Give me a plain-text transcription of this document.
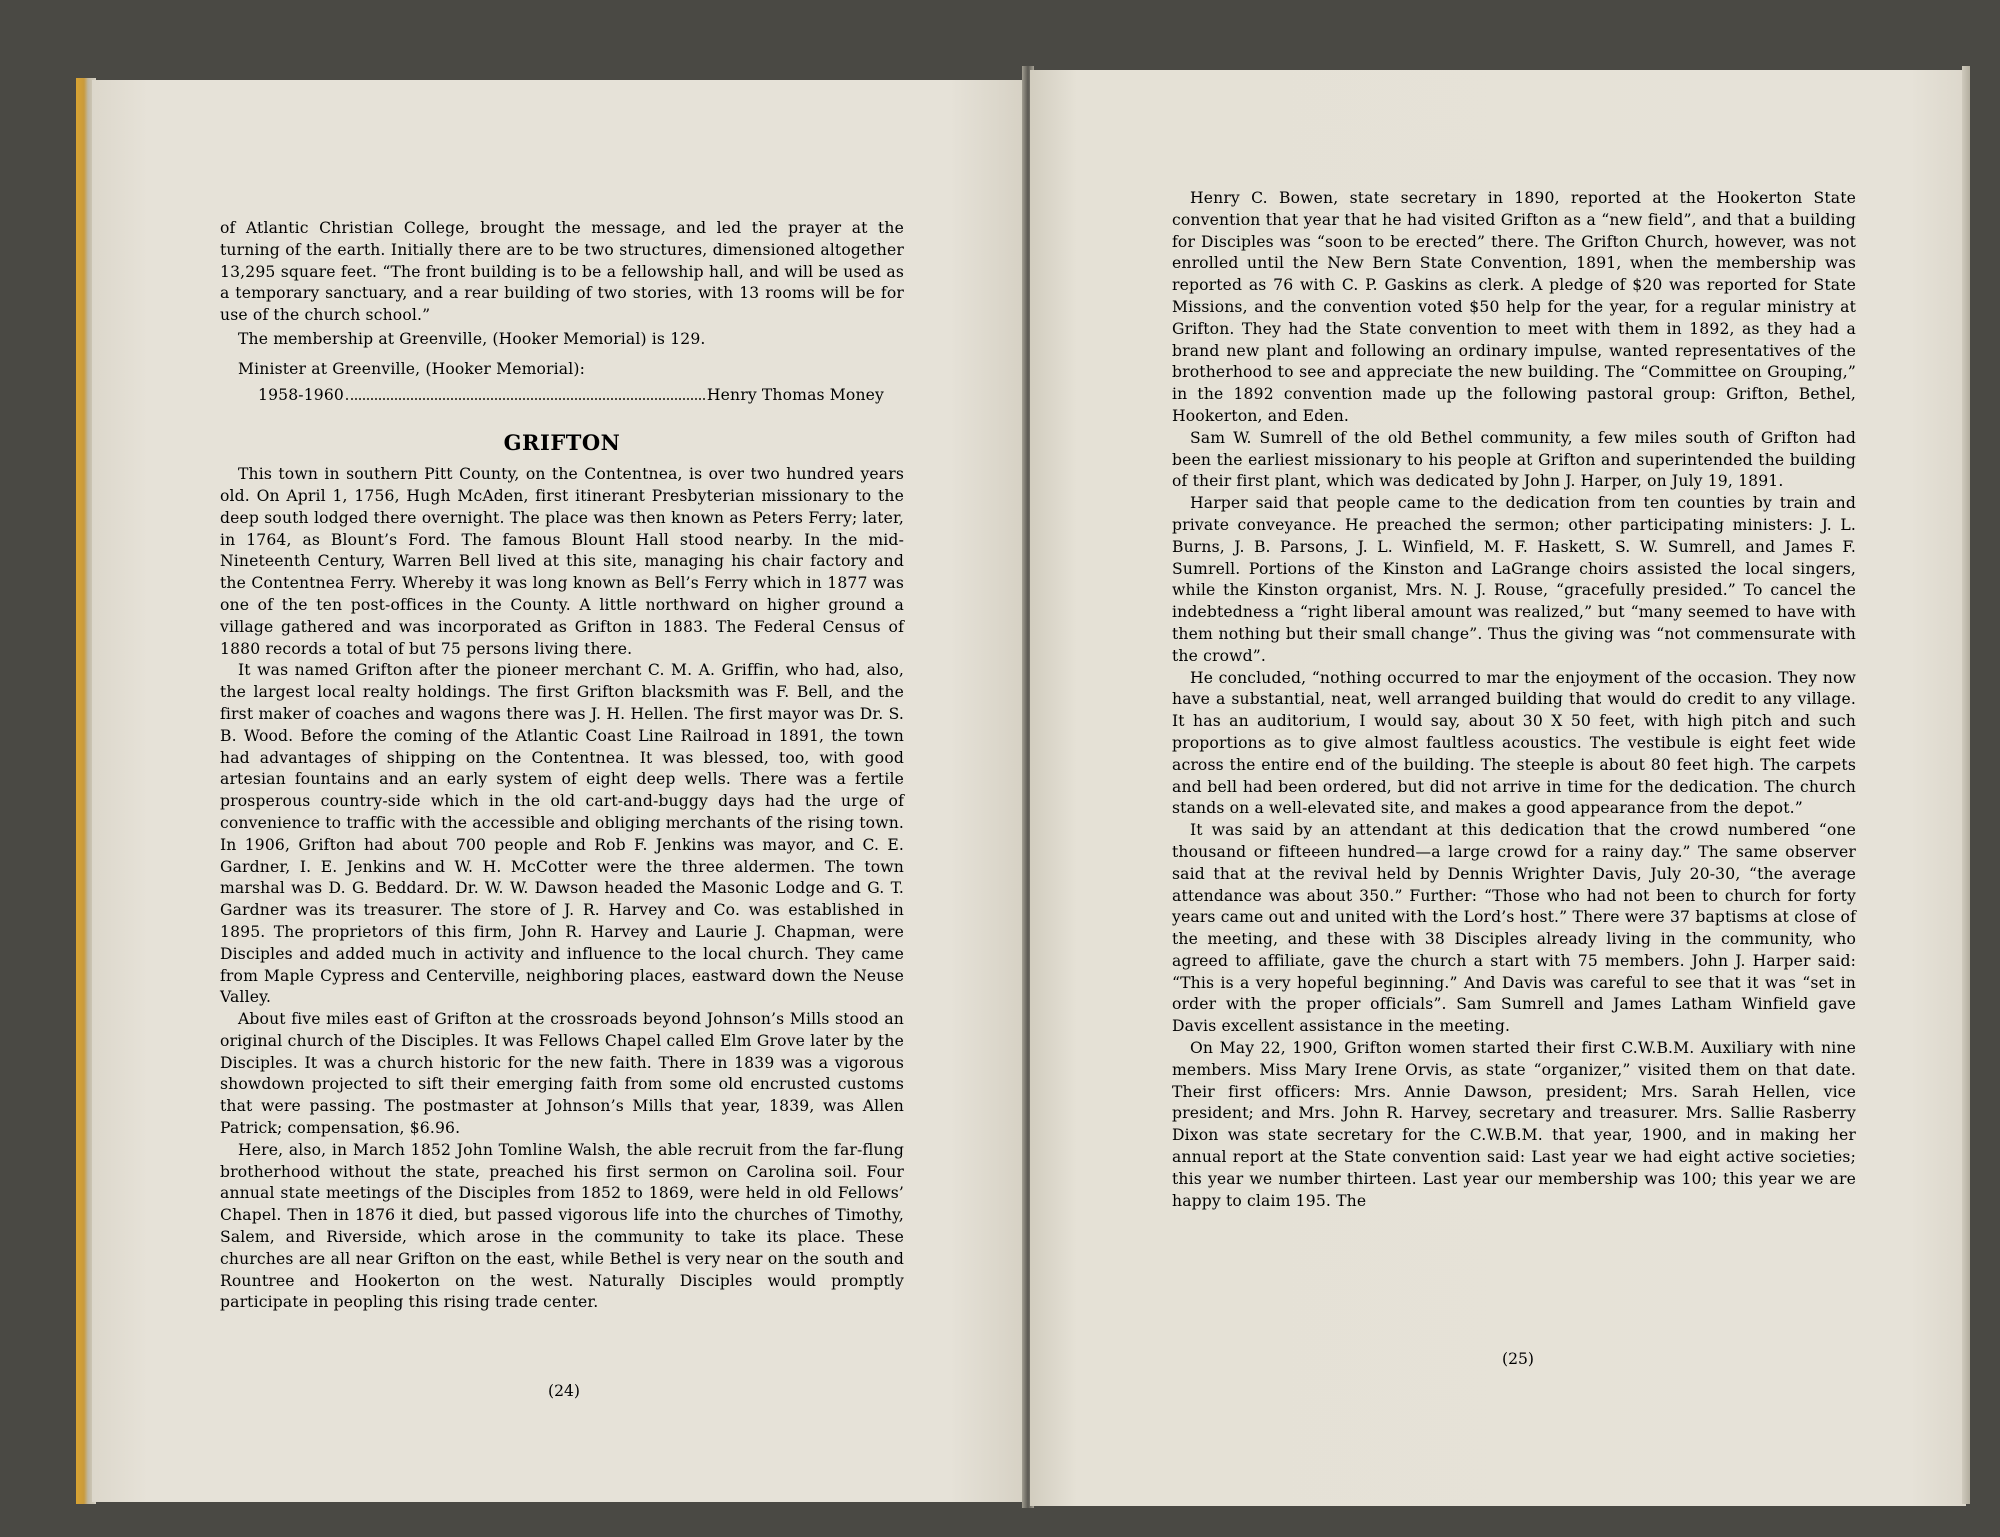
of Atlantic Christian College, brought the message, and led the prayer at the turning of the earth. Initially there are to be two structures, dimensioned altogether 13,295 square feet. “The front building is to be a fellowship hall, and will be used as a temporary sanctuary, and a rear building of two stories, with 13 rooms will be for use of the church school.”

The membership at Greenville, (Hooker Memorial) is 129.

Minister at Greenville, (Hooker Memorial):

1958-1960	Henry Thomas Money
GRIFTON

This town in southern Pitt County, on the Contentnea, is over two hundred years old. On April 1, 1756, Hugh McAden, first itinerant Presbyterian missionary to the deep south lodged there overnight. The place was then known as Peters Ferry; later, in 1764, as Blount’s Ford. The famous Blount Hall stood nearby. In the mid-Nineteenth Century, Warren Bell lived at this site, managing his chair factory and the Contentnea Ferry. Whereby it was long known as Bell’s Ferry which in 1877 was one of the ten post-offices in the County. A little northward on higher ground a village gathered and was incorporated as Grifton in 1883. The Federal Census of 1880 records a total of but 75 persons living there.

It was named Grifton after the pioneer merchant C. M. A. Griffin, who had, also, the largest local realty holdings. The first Grifton blacksmith was F. Bell, and the first maker of coaches and wagons there was J. H. Hellen. The first mayor was Dr. S. B. Wood. Before the coming of the Atlantic Coast Line Railroad in 1891, the town had advantages of shipping on the Contentnea. It was blessed, too, with good artesian fountains and an early system of eight deep wells. There was a fertile prosperous country-side which in the old cart-and-buggy days had the urge of convenience to traffic with the accessible and obliging merchants of the rising town. In 1906, Grifton had about 700 people and Rob F. Jenkins was mayor, and C. E. Gardner, I. E. Jenkins and W. H. McCotter were the three aldermen. The town marshal was D. G. Beddard. Dr. W. W. Dawson headed the Masonic Lodge and G. T. Gardner was its treasurer. The store of J. R. Harvey and Co. was established in 1895. The proprietors of this firm, John R. Harvey and Laurie J. Chapman, were Disciples and added much in activity and influence to the local church. They came from Maple Cypress and Centerville, neighboring places, eastward down the Neuse Valley.

About five miles east of Grifton at the crossroads beyond Johnson’s Mills stood an original church of the Disciples. It was Fellows Chapel called Elm Grove later by the Disciples. It was a church historic for the new faith. There in 1839 was a vigorous showdown projected to sift their emerging faith from some old encrusted customs that were passing. The postmaster at Johnson’s Mills that year, 1839, was Allen Patrick; compensation, $6.96.

Here, also, in March 1852 John Tomline Walsh, the able recruit from the far-flung brotherhood without the state, preached his first sermon on Carolina soil. Four annual state meetings of the Disciples from 1852 to 1869, were held in old Fellows’ Chapel. Then in 1876 it died, but passed vigorous life into the churches of Timothy, Salem, and Riverside, which arose in the community to take its place. These churches are all near Grifton on the east, while Bethel is very near on the south and Rountree and Hookerton on the west. Naturally Disciples would promptly participate in peopling this rising trade center.

(24)

Henry C. Bowen, state secretary in 1890, reported at the Hookerton State convention that year that he had visited Grifton as a “new field”, and that a building for Disciples was “soon to be erected” there. The Grifton Church, however, was not enrolled until the New Bern State Convention, 1891, when the membership was reported as 76 with C. P. Gaskins as clerk. A pledge of $20 was reported for State Missions, and the convention voted $50 help for the year, for a regular ministry at Grifton. They had the State convention to meet with them in 1892, as they had a brand new plant and following an ordinary impulse, wanted representatives of the brotherhood to see and appreciate the new building. The “Committee on Grouping,” in the 1892 convention made up the following pastoral group: Grifton, Bethel, Hookerton, and Eden.

Sam W. Sumrell of the old Bethel community, a few miles south of Grifton had been the earliest missionary to his people at Grifton and superintended the building of their first plant, which was dedicated by John J. Harper, on July 19, 1891.

Harper said that people came to the dedication from ten counties by train and private conveyance. He preached the sermon; other participating ministers: J. L. Burns, J. B. Parsons, J. L. Winfield, M. F. Haskett, S. W. Sumrell, and James F. Sumrell. Portions of the Kinston and LaGrange choirs assisted the local singers, while the Kinston organist, Mrs. N. J. Rouse, “gracefully presided.” To cancel the indebtedness a “right liberal amount was realized,” but “many seemed to have with them nothing but their small change”. Thus the giving was “not commensurate with the crowd”.

He concluded, “nothing occurred to mar the enjoyment of the occasion. They now have a substantial, neat, well arranged building that would do credit to any village. It has an auditorium, I would say, about 30 X 50 feet, with high pitch and such proportions as to give almost faultless acoustics. The vestibule is eight feet wide across the entire end of the building. The steeple is about 80 feet high. The carpets and bell had been ordered, but did not arrive in time for the dedication. The church stands on a well-elevated site, and makes a good appearance from the depot.”

It was said by an attendant at this dedication that the crowd numbered “one thousand or fifteeen hundred—a large crowd for a rainy day.” The same observer said that at the revival held by Dennis Wrighter Davis, July 20-30, “the average attendance was about 350.” Further: “Those who had not been to church for forty years came out and united with the Lord’s host.” There were 37 baptisms at close of the meeting, and these with 38 Disciples already living in the community, who agreed to affiliate, gave the church a start with 75 members. John J. Harper said: “This is a very hopeful beginning.” And Davis was careful to see that it was “set in order with the proper officials”. Sam Sumrell and James Latham Winfield gave Davis excellent assistance in the meeting.

On May 22, 1900, Grifton women started their first C.W.B.M. Auxiliary with nine members. Miss Mary Irene Orvis, as state “organizer,” visited them on that date. Their first officers: Mrs. Annie Dawson, president; Mrs. Sarah Hellen, vice president; and Mrs. John R. Harvey, secretary and treasurer. Mrs. Sallie Rasberry Dixon was state secretary for the C.W.B.M. that year, 1900, and in making her annual report at the State convention said: Last year we had eight active societies; this year we number thirteen. Last year our membership was 100; this year we are happy to claim 195. The

(25)
